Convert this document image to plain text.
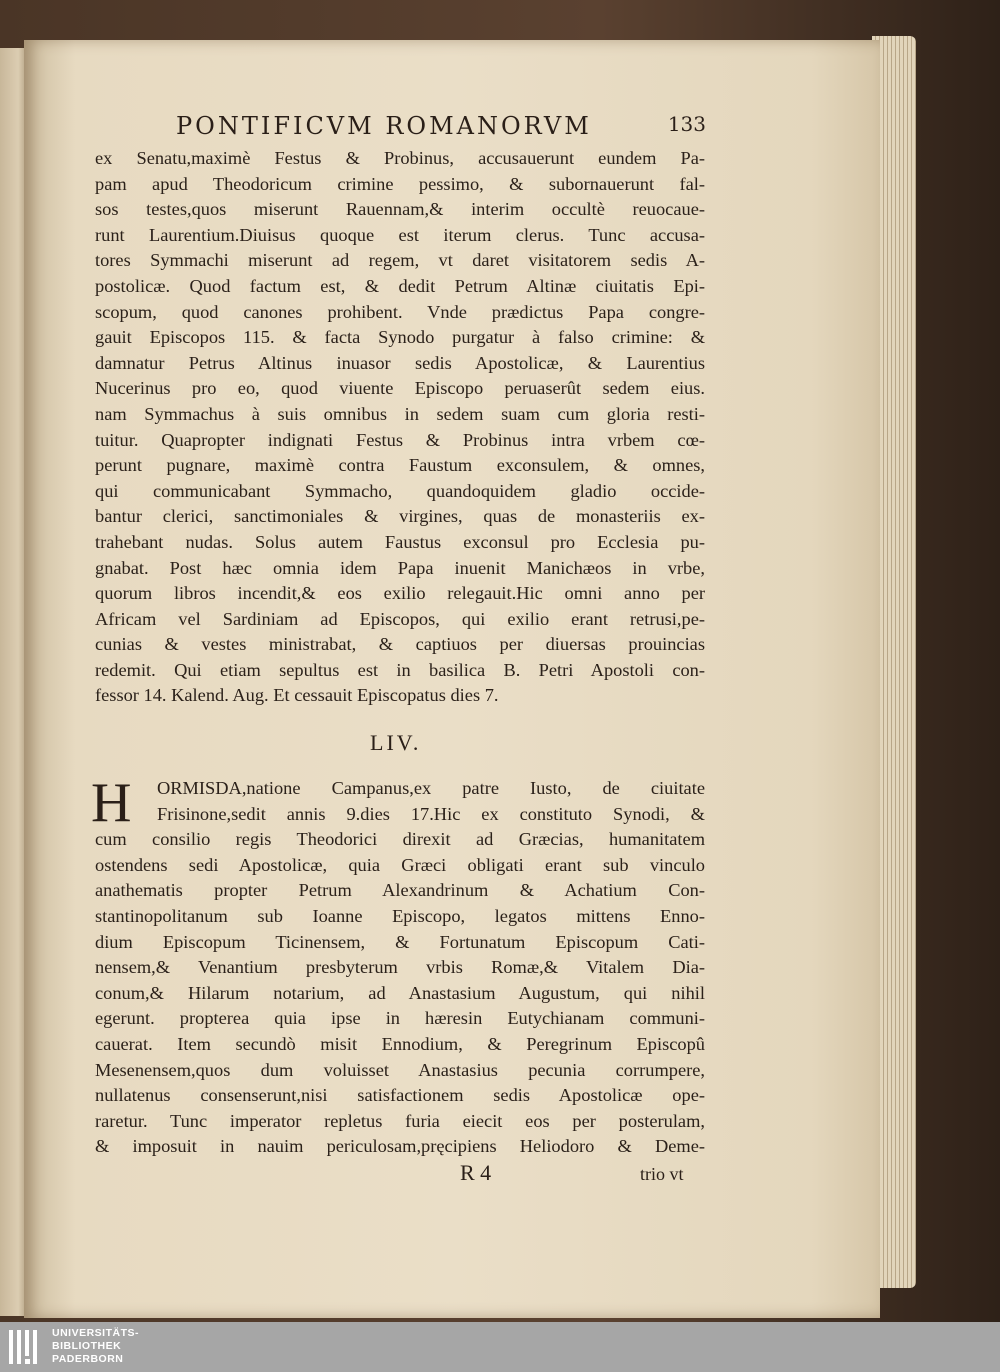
PONTIFICVM ROMANORVM	133
ex Senatu,maximè Festus & Probinus, accusauerunt eundem Pa-
pam apud Theodoricum crimine pessimo, & subornauerunt fal-
sos testes,quos miserunt Rauennam,& interim occultè reuocaue-
runt Laurentium.Diuisus quoque est iterum clerus. Tunc accusa-
tores Symmachi miserunt ad regem, vt daret visitatorem sedis A-
postolicæ. Quod factum est, & dedit Petrum Altinæ ciuitatis Epi-
scopum, quod canones prohibent. Vnde prædictus Papa congre-
gauit Episcopos 115. & facta Synodo purgatur à falso crimine: &
damnatur Petrus Altinus inuasor sedis Apostolicæ, & Laurentius
Nucerinus pro eo, quod viuente Episcopo peruaserût sedem eius.
nam Symmachus à suis omnibus in sedem suam cum gloria resti-
tuitur. Quapropter indignati Festus & Probinus intra vrbem cœ-
perunt pugnare, maximè contra Faustum exconsulem, & omnes,
qui communicabant Symmacho, quandoquidem gladio occide-
bantur clerici, sanctimoniales & virgines, quas de monasteriis ex-
trahebant nudas. Solus autem Faustus exconsul pro Ecclesia pu-
gnabat. Post hæc omnia idem Papa inuenit Manichæos in vrbe,
quorum libros incendit,& eos exilio relegauit.Hic omni anno per
Africam vel Sardiniam ad Episcopos, qui exilio erant retrusi,pe-
cunias & vestes ministrabat, & captiuos per diuersas prouincias
redemit. Qui etiam sepultus est in basilica B. Petri Apostoli con-
fessor 14. Kalend. Aug. Et cessauit Episcopatus dies 7.
LIV.
H	ORMISDA,natione Campanus,ex patre Iusto, de ciuitate
Frisinone,sedit annis 9.dies 17.Hic ex constituto Synodi, &
cum consilio regis Theodorici direxit ad Græcias, humanitatem
ostendens sedi Apostolicæ, quia Græci obligati erant sub vinculo
anathematis propter Petrum Alexandrinum & Achatium Con-
stantinopolitanum sub Ioanne Episcopo, legatos mittens Enno-
dium Episcopum Ticinensem, & Fortunatum Episcopum Cati-
nensem,& Venantium presbyterum vrbis Romæ,& Vitalem Dia-
conum,& Hilarum notarium, ad Anastasium Augustum, qui nihil
egerunt. propterea quia ipse in hæresin Eutychianam communi-
cauerat. Item secundò misit Ennodium, & Peregrinum Episcopû
Mesenensem,quos dum voluisset Anastasius pecunia corrumpere,
nullatenus consenserunt,nisi satisfactionem sedis Apostolicæ ope-
raretur. Tunc imperator repletus furia eiecit eos per posterulam,
& imposuit in nauim periculosam,pręcipiens Heliodoro & Deme-
R 4	trio vt
UNIVERSITÄTS-
BIBLIOTHEK
PADERBORN
